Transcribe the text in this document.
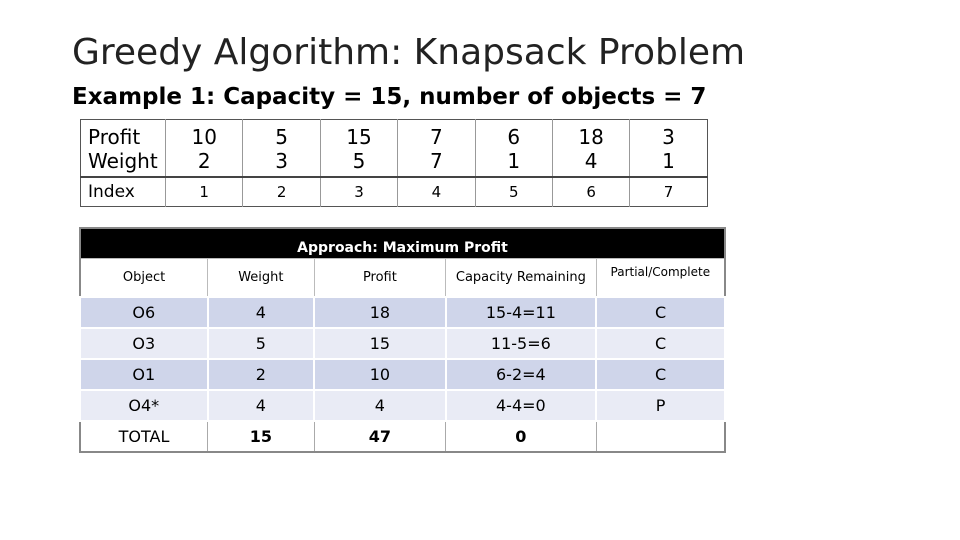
Greedy Algorithm: Knapsack Problem
Example 1: Capacity = 15, number of objects = 7
Profit	10	5	15	7	6	18	3
Weight	2	3	5	7	1	4	1
Index	1	2	3	4	5	6	7
Approach: Maximum Profit				
Object	Weight	Profit	Capacity Remaining	Partial/Complete
O6	4	18	15-4=11	C
O3	5	15	11-5=6	C
O1	2	10	6-2=4	C
O4*	4	4	4-4=0	P
TOTAL	15	47	0	
